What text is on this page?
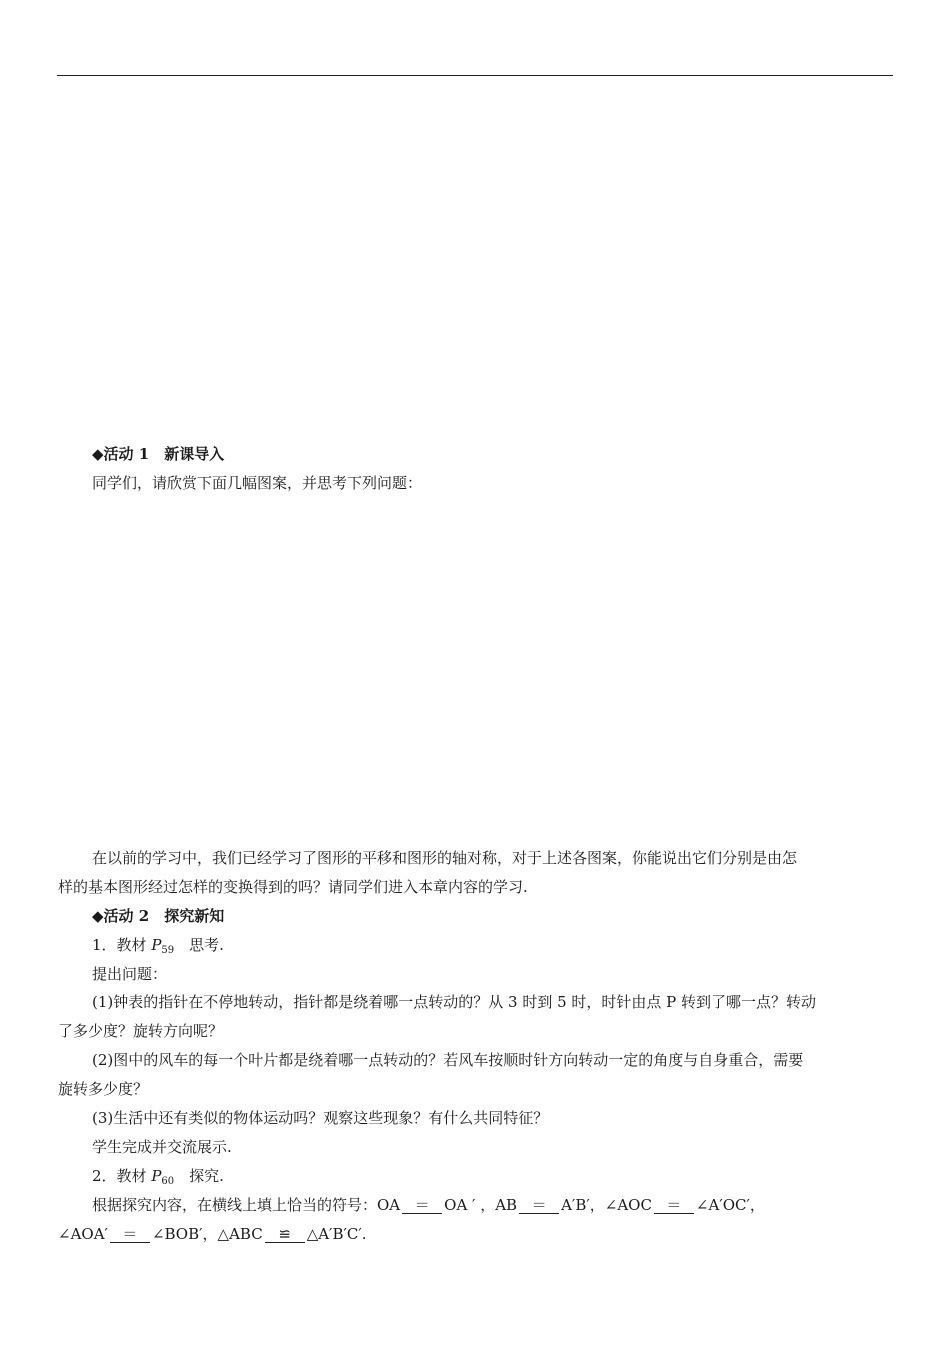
◆活动 1　新课导入
同学们，请欣赏下面几幅图案，并思考下列问题：
在以前的学习中，我们已经学习了图形的平移和图形的轴对称，对于上述各图案，你能说出它们分别是由怎
样的基本图形经过怎样的变换得到的吗？请同学们进入本章内容的学习.
◆活动 2　探究新知
1．教材 $P_{59}$　思考.
提出问题：
(1)钟表的指针在不停地转动，指针都是绕着哪一点转动的？从 3 时到 5 时，时针由点 P 转到了哪一点？转动
了多少度？旋转方向呢？
(2)图中的风车的每一个叶片都是绕着哪一点转动的？若风车按顺时针方向转动一定的角度与自身重合，需要
旋转多少度？
(3)生活中还有类似的物体运动吗？观察这些现象？有什么共同特征？
学生完成并交流展示.
2．教材 $P_{60}$　探究.
根据探究内容，在横线上填上恰当的符号：OA ＝ OA ′ ，AB ＝ A′B′，∠AOC ＝ ∠A′OC′，
∠AOA′ ＝ ∠BOB′，△ABC ≌ △A′B′C′.
